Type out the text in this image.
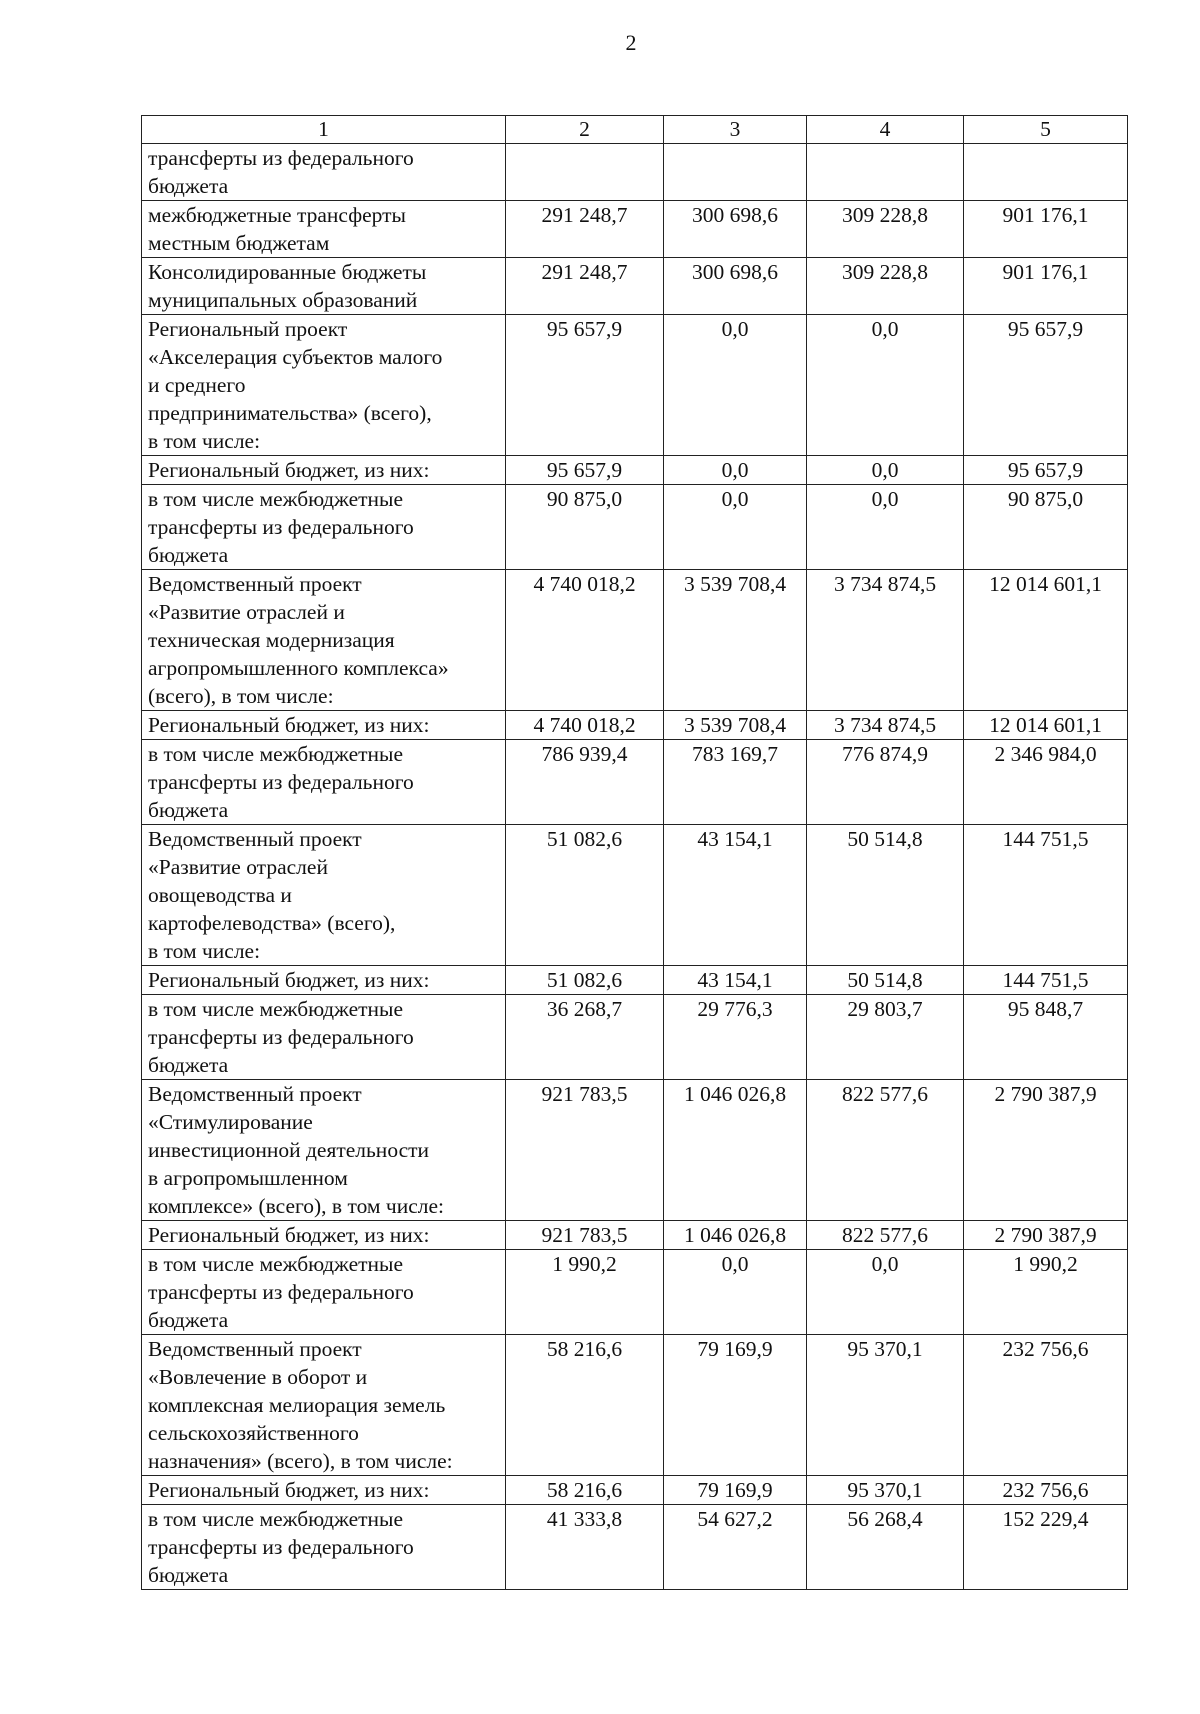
2
1	2	3	4	5
трансферты из федерального
бюджета				
межбюджетные трансферты
местным бюджетам	291 248,7	300 698,6	309 228,8	901 176,1
Консолидированные бюджеты
муниципальных образований	291 248,7	300 698,6	309 228,8	901 176,1
Региональный проект
«Акселерация субъектов малого
и среднего
предпринимательства» (всего),
в том числе:	95 657,9	0,0	0,0	95 657,9
Региональный бюджет, из них:	95 657,9	0,0	0,0	95 657,9
в том числе межбюджетные
трансферты из федерального
бюджета	90 875,0	0,0	0,0	90 875,0
Ведомственный проект
«Развитие отраслей и
техническая модернизация
агропромышленного комплекса»
(всего), в том числе:	4 740 018,2	3 539 708,4	3 734 874,5	12 014 601,1
Региональный бюджет, из них:	4 740 018,2	3 539 708,4	3 734 874,5	12 014 601,1
в том числе межбюджетные
трансферты из федерального
бюджета	786 939,4	783 169,7	776 874,9	2 346 984,0
Ведомственный проект
«Развитие отраслей
овощеводства и
картофелеводства» (всего),
в том числе:	51 082,6	43 154,1	50 514,8	144 751,5
Региональный бюджет, из них:	51 082,6	43 154,1	50 514,8	144 751,5
в том числе межбюджетные
трансферты из федерального
бюджета	36 268,7	29 776,3	29 803,7	95 848,7
Ведомственный проект
«Стимулирование
инвестиционной деятельности
в агропромышленном
комплексе» (всего), в том числе:	921 783,5	1 046 026,8	822 577,6	2 790 387,9
Региональный бюджет, из них:	921 783,5	1 046 026,8	822 577,6	2 790 387,9
в том числе межбюджетные
трансферты из федерального
бюджета	1 990,2	0,0	0,0	1 990,2
Ведомственный проект
«Вовлечение в оборот и
комплексная мелиорация земель
сельскохозяйственного
назначения» (всего), в том числе:	58 216,6	79 169,9	95 370,1	232 756,6
Региональный бюджет, из них:	58 216,6	79 169,9	95 370,1	232 756,6
в том числе межбюджетные
трансферты из федерального
бюджета	41 333,8	54 627,2	56 268,4	152 229,4
